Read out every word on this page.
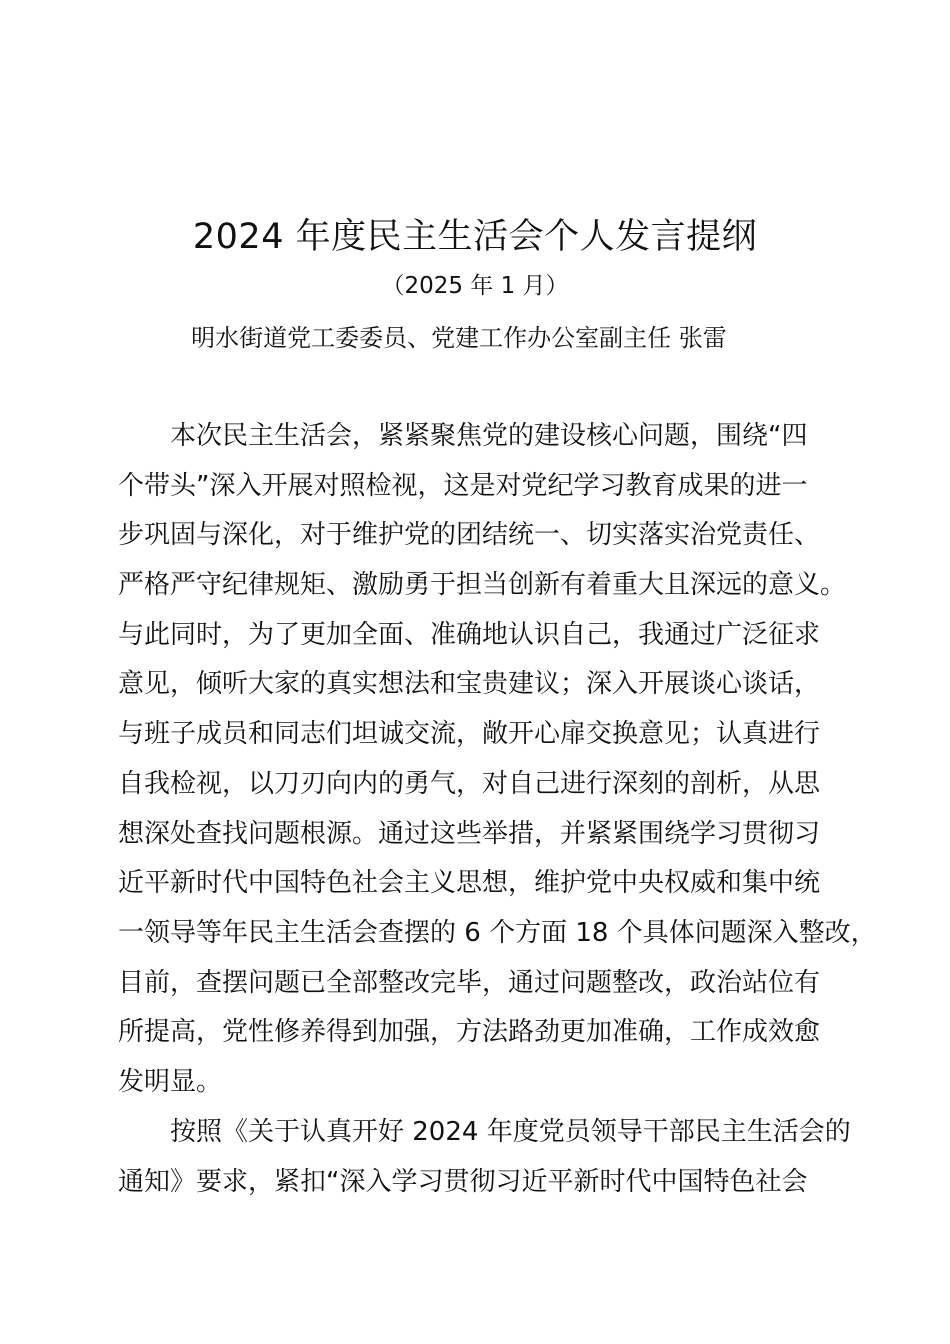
2024 年度民主生活会个人发言提纲
（2025 年 1 月）
明水街道党工委委员、党建工作办公室副主任 张雷
本次民主生活会，紧紧聚焦党的建设核心问题，围绕“四
个带头”深入开展对照检视，这是对党纪学习教育成果的进一
步巩固与深化，对于维护党的团结统一、切实落实治党责任、
严格严守纪律规矩、激励勇于担当创新有着重大且深远的意义。
与此同时，为了更加全面、准确地认识自己，我通过广泛征求
意见，倾听大家的真实想法和宝贵建议；深入开展谈心谈话，
与班子成员和同志们坦诚交流，敞开心扉交换意见；认真进行
自我检视，以刀刃向内的勇气，对自己进行深刻的剖析，从思
想深处查找问题根源。通过这些举措，并紧紧围绕学习贯彻习
近平新时代中国特色社会主义思想，维护党中央权威和集中统
一领导等年民主生活会查摆的 6 个方面 18 个具体问题深入整改，
目前，查摆问题已全部整改完毕，通过问题整改，政治站位有
所提高，党性修养得到加强，方法路劲更加准确，工作成效愈
发明显。
按照《关于认真开好 2024 年度党员领导干部民主生活会的
通知》要求，紧扣“深入学习贯彻习近平新时代中国特色社会
